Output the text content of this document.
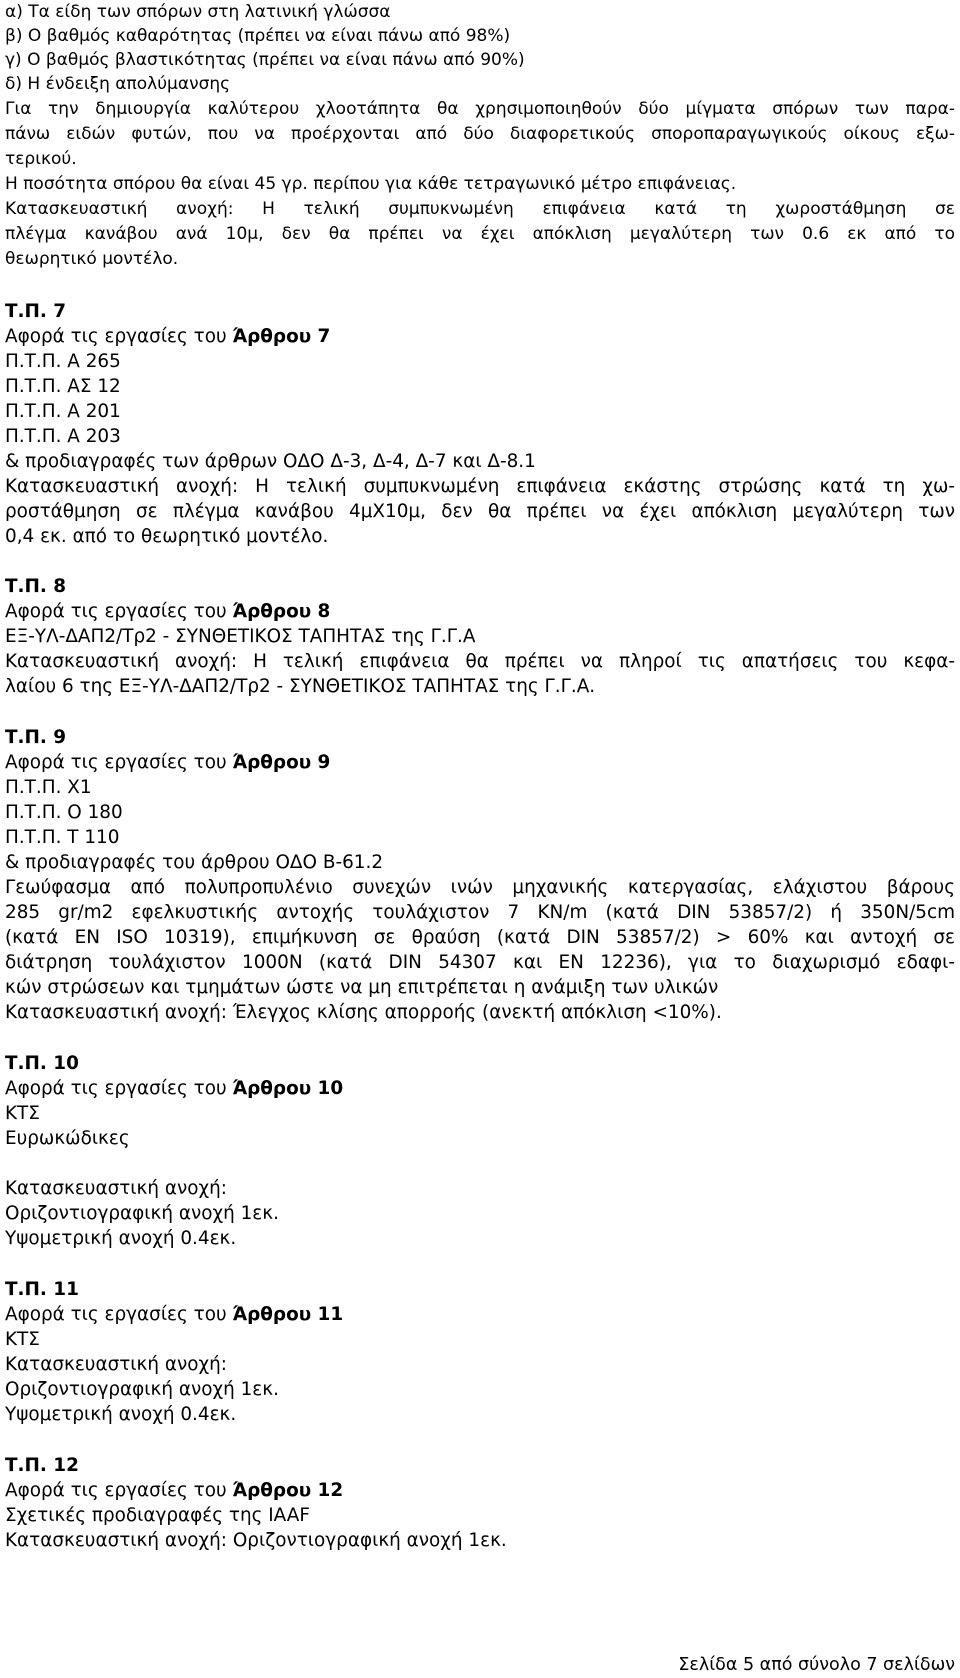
α) Τα είδη των σπόρων στη λατινική γλώσσα
β) Ο βαθμός καθαρότητας (πρέπει να είναι πάνω από 98%)
γ) Ο βαθμός βλαστικότητας (πρέπει να είναι πάνω από 90%)
δ) Η ένδειξη απολύμανσης
Για την δημιουργία καλύτερου χλοοτάπητα θα χρησιμοποιηθούν δύο μίγματα σπόρων των παρα-
πάνω ειδών φυτών, που να προέρχονται από δύο διαφορετικούς σποροπαραγωγικούς οίκους εξω-
τερικού.
Η ποσότητα σπόρου θα είναι 45 γρ. περίπου για κάθε τετραγωνικό μέτρο επιφάνειας.
Κατασκευαστική ανοχή: Η τελική συμπυκνωμένη επιφάνεια κατά τη χωροστάθμηση σε
πλέγμα κανάβου ανά 10μ, δεν θα πρέπει να έχει απόκλιση μεγαλύτερη των 0.6 εκ από το
θεωρητικό μοντέλο.
Τ.Π. 7
Αφορά τις εργασίες του Άρθρου 7
Π.Τ.Π. Α 265
Π.Τ.Π. ΑΣ 12
Π.Τ.Π. Α 201
Π.Τ.Π. Α 203
& προδιαγραφές των άρθρων ΟΔΟ Δ-3, Δ-4, Δ-7 και Δ-8.1
Κατασκευαστική ανοχή: Η τελική συμπυκνωμένη επιφάνεια εκάστης στρώσης κατά τη χω-
ροστάθμηση σε πλέγμα κανάβου 4μΧ10μ, δεν θα πρέπει να έχει απόκλιση μεγαλύτερη των
0,4 εκ. από το θεωρητικό μοντέλο.
Τ.Π. 8
Αφορά τις εργασίες του Άρθρου 8
ΕΞ-ΥΛ-ΔΑΠ2/Τρ2 - ΣΥΝΘΕΤΙΚΟΣ ΤΑΠΗΤΑΣ της Γ.Γ.Α
Κατασκευαστική ανοχή: Η τελική επιφάνεια θα πρέπει να πληροί τις απατήσεις του κεφα-
λαίου 6 της ΕΞ-ΥΛ-ΔΑΠ2/Τρ2 - ΣΥΝΘΕΤΙΚΟΣ ΤΑΠΗΤΑΣ της Γ.Γ.Α.
Τ.Π. 9
Αφορά τις εργασίες του Άρθρου 9
Π.Τ.Π. Χ1
Π.Τ.Π. Ο 180
Π.Τ.Π. Τ 110
& προδιαγραφές του άρθρου ΟΔΟ Β-61.2
Γεωύφασμα από πολυπροπυλένιο συνεχών ινών μηχανικής κατεργασίας, ελάχιστου βάρους
285 gr/m2 εφελκυστικής αντοχής τουλάχιστον 7 KN/m (κατά DIN 53857/2) ή 350N/5cm
(κατά ΕΝ ISO 10319), επιμήκυνση σε θραύση (κατά DIN 53857/2) > 60% και αντοχή σε
διάτρηση τουλάχιστον 1000Ν (κατά DIN 54307 και ΕΝ 12236), για το διαχωρισμό εδαφι-
κών στρώσεων και τμημάτων ώστε να μη επιτρέπεται η ανάμιξη των υλικών
Κατασκευαστική ανοχή: Έλεγχος κλίσης απορροής (ανεκτή απόκλιση <10%).
Τ.Π. 10
Αφορά τις εργασίες του Άρθρου 10
ΚΤΣ
Ευρωκώδικες
Κατασκευαστική ανοχή:
Οριζοντιογραφική ανοχή 1εκ.
Υψομετρική ανοχή 0.4εκ.
Τ.Π. 11
Αφορά τις εργασίες του Άρθρου 11
ΚΤΣ
Κατασκευαστική ανοχή:
Οριζοντιογραφική ανοχή 1εκ.
Υψομετρική ανοχή 0.4εκ.
Τ.Π. 12
Αφορά τις εργασίες του Άρθρου 12
Σχετικές προδιαγραφές της IAAF
Κατασκευαστική ανοχή: Οριζοντιογραφική ανοχή 1εκ.
Σελίδα 5 από σύνολο 7 σελίδων
